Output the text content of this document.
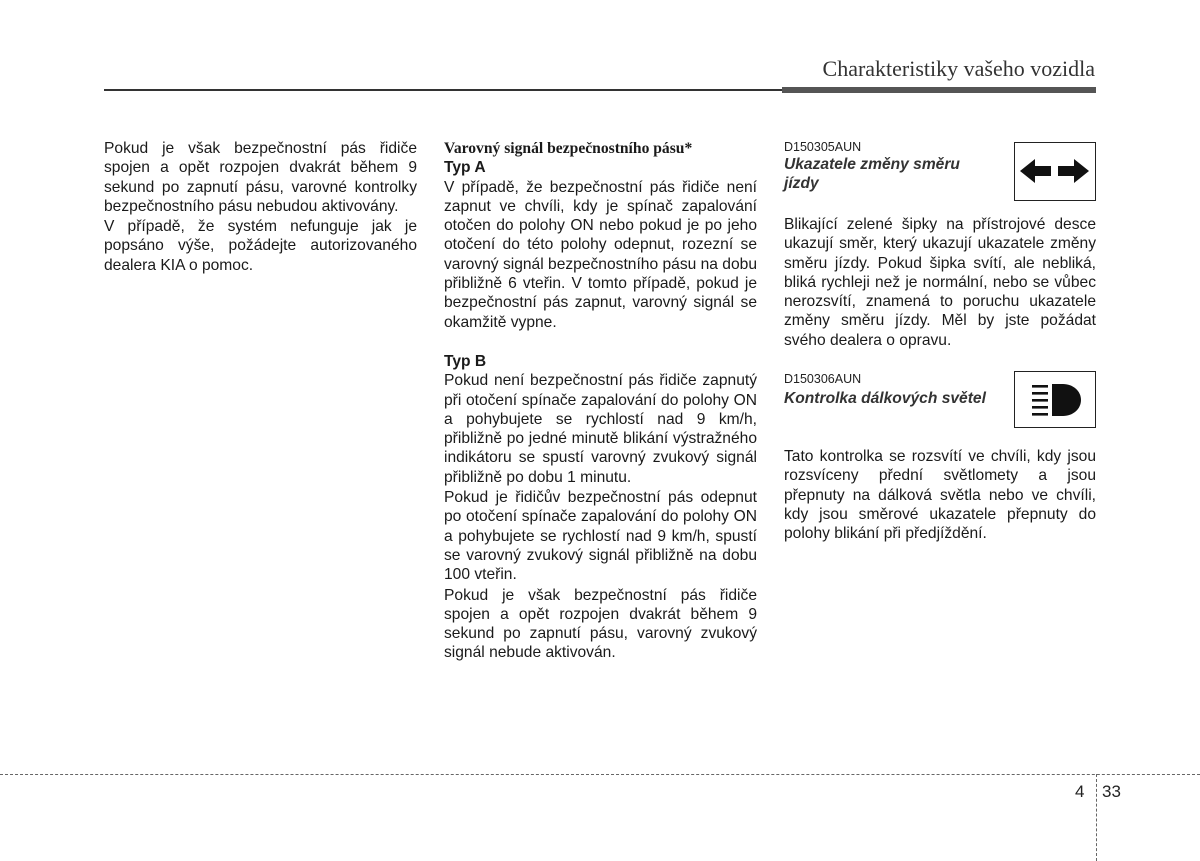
Charakteristiky vašeho vozidla

Pokud je však bezpečnostní pás řidiče spojen a opět rozpojen dvakrát během 9 sekund po zapnutí pásu, varovné kontrolky bezpečnostního pásu nebudou aktivovány.

V případě, že systém nefunguje jak je popsáno výše, požádejte autorizovaného dealera KIA o pomoc.

Varovný signál bezpečnostního pásu*
Typ A

V případě, že bezpečnostní pás řidiče není zapnut ve chvíli, kdy je spínač zapalování otočen do polohy ON nebo pokud je po jeho otočení do této polohy odepnut, rozezní se varovný signál bezpečnostního pásu na dobu přibližně 6 vteřin. V tomto případě, pokud je bezpečnostní pás zapnut, varovný signál se okamžitě vypne.

Typ B

Pokud není bezpečnostní pás řidiče zapnutý při otočení spínače zapalování do polohy ON a pohybujete se rychlostí nad 9 km/h, přibližně po jedné minutě blikání výstražného indikátoru se spustí varovný zvukový signál přibližně po dobu 1 minutu.

Pokud je řidičův bezpečnostní pás odepnut po otočení spínače zapalování do polohy ON a pohybujete se rychlostí nad 9 km/h, spustí se varovný zvukový signál přibližně na dobu 100 vteřin.

Pokud je však bezpečnostní pás řidiče spojen a opět rozpojen dvakrát během 9 sekund po zapnutí pásu, varovný zvukový signál nebude aktivován.

D150305AUN
Ukazatele změny směru
jízdy

Blikající zelené šipky na přístrojové desce ukazují směr, který ukazují ukazatele změny směru jízdy. Pokud šipka svítí, ale nebliká, bliká rychleji než je normální, nebo se vůbec nerozsvítí, znamená to poruchu ukazatele změny směru jízdy. Měl by jste požádat svého dealera o opravu.

D150306AUN
Kontrolka dálkových světel

Tato kontrolka se rozsvítí ve chvíli, kdy jsou rozsvíceny přední světlomety a jsou přepnuty na dálková světla nebo ve chvíli, kdy jsou směrové ukazatele přepnuty do polohy blikání při předjíždění.

4 33
